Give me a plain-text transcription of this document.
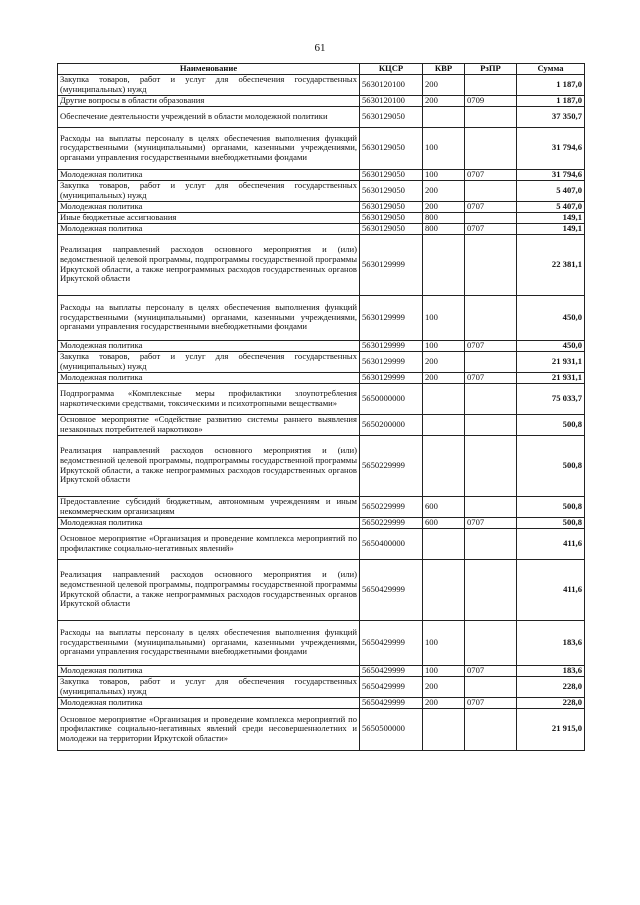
61
Наименование	КЦСР	КВР	РзПР	Сумма
Закупка товаров, работ и услуг для обеспечения государственных (муниципальных) нужд	5630120100	200		1 187,0
Другие вопросы в области образования	5630120100	200	0709	1 187,0
Обеспечение деятельности учреждений в области молодежной политики	5630129050			37 350,7
Расходы на выплаты персоналу в целях обеспечения выполнения функций государственными (муниципальными) органами, казенными учреждениями, органами управления государственными внебюджетными фондами	5630129050	100		31 794,6
Молодежная политика	5630129050	100	0707	31 794,6
Закупка товаров, работ и услуг для обеспечения государственных (муниципальных) нужд	5630129050	200		5 407,0
Молодежная политика	5630129050	200	0707	5 407,0
Иные бюджетные ассигнования	5630129050	800		149,1
Молодежная политика	5630129050	800	0707	149,1
Реализация направлений расходов основного мероприятия и (или) ведомственной целевой программы, подпрограммы государственной программы Иркутской области, а также непрограммных расходов государственных органов Иркутской области	5630129999			22 381,1
Расходы на выплаты персоналу в целях обеспечения выполнения функций государственными (муниципальными) органами, казенными учреждениями, органами управления государственными внебюджетными фондами	5630129999	100		450,0
Молодежная политика	5630129999	100	0707	450,0
Закупка товаров, работ и услуг для обеспечения государственных (муниципальных) нужд	5630129999	200		21 931,1
Молодежная политика	5630129999	200	0707	21 931,1
Подпрограмма «Комплексные меры профилактики злоупотребления наркотическими средствами, токсическими и психотропными веществами»	5650000000			75 033,7
Основное мероприятие «Содействие развитию системы раннего выявления незаконных потребителей наркотиков»	5650200000			500,8
Реализация направлений расходов основного мероприятия и (или) ведомственной целевой программы, подпрограммы государственной программы Иркутской области, а также непрограммных расходов государственных органов Иркутской области	5650229999			500,8
Предоставление субсидий бюджетным, автономным учреждениям и иным некоммерческим организациям	5650229999	600		500,8
Молодежная политика	5650229999	600	0707	500,8
Основное мероприятие «Организация и проведение комплекса мероприятий по профилактике социально-негативных явлений»	5650400000			411,6
Реализация направлений расходов основного мероприятия и (или) ведомственной целевой программы, подпрограммы государственной программы Иркутской области, а также непрограммных расходов государственных органов Иркутской области	5650429999			411,6
Расходы на выплаты персоналу в целях обеспечения выполнения функций государственными (муниципальными) органами, казенными учреждениями, органами управления государственными внебюджетными фондами	5650429999	100		183,6
Молодежная политика	5650429999	100	0707	183,6
Закупка товаров, работ и услуг для обеспечения государственных (муниципальных) нужд	5650429999	200		228,0
Молодежная политика	5650429999	200	0707	228,0
Основное мероприятие «Организация и проведение комплекса мероприятий по профилактике социально-негативных явлений среди несовершеннолетних и молодежи на территории Иркутской области»	5650500000			21 915,0
